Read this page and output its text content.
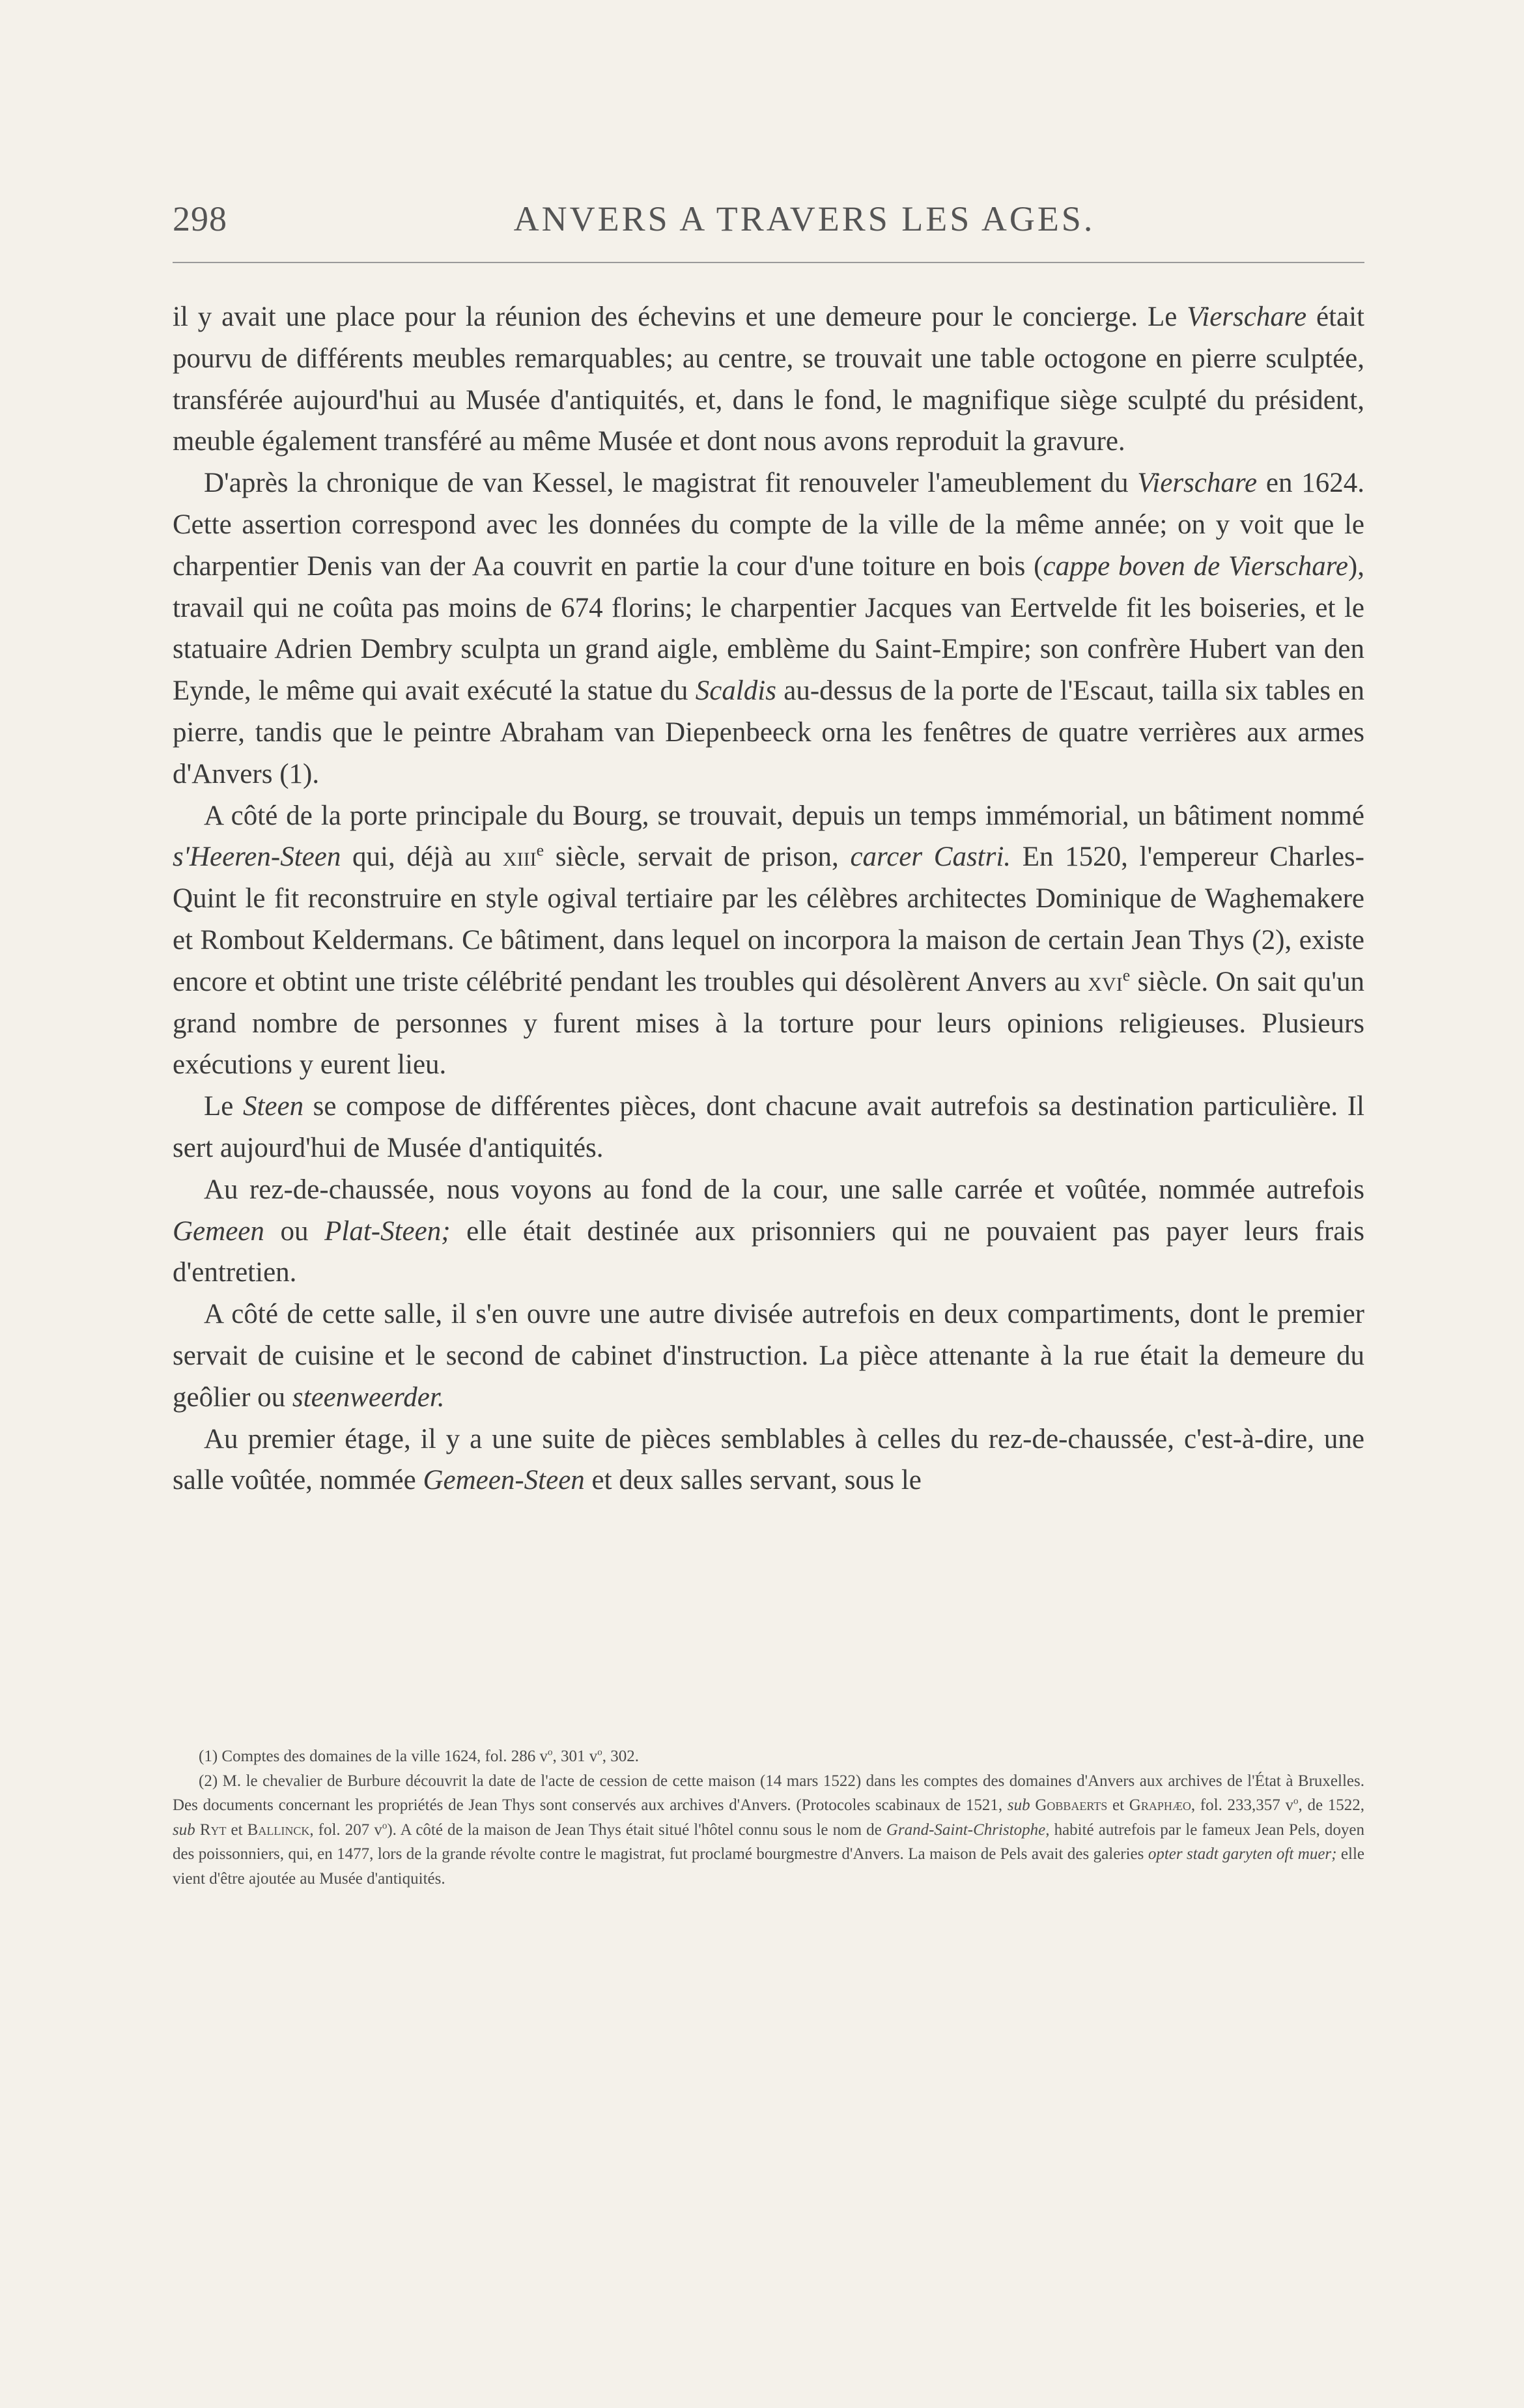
298	ANVERS A TRAVERS LES AGES.

il y avait une place pour la réunion des échevins et une demeure pour le concierge. Le Vierschare était pourvu de différents meubles remarquables; au centre, se trouvait une table octogone en pierre sculptée, transférée aujourd'hui au Musée d'antiquités, et, dans le fond, le magnifique siège sculpté du président, meuble également transféré au même Musée et dont nous avons reproduit la gravure.

D'après la chronique de van Kessel, le magistrat fit renouveler l'ameublement du Vierschare en 1624. Cette assertion correspond avec les données du compte de la ville de la même année; on y voit que le charpentier Denis van der Aa couvrit en partie la cour d'une toiture en bois (cappe boven de Vierschare), travail qui ne coûta pas moins de 674 florins; le charpentier Jacques van Eertvelde fit les boiseries, et le statuaire Adrien Dembry sculpta un grand aigle, emblème du Saint-Empire; son confrère Hubert van den Eynde, le même qui avait exécuté la statue du Scaldis au-dessus de la porte de l'Escaut, tailla six tables en pierre, tandis que le peintre Abraham van Diepenbeeck orna les fenêtres de quatre verrières aux armes d'Anvers (1).

A côté de la porte principale du Bourg, se trouvait, depuis un temps immémorial, un bâtiment nommé s'Heeren-Steen qui, déjà au xiii$^e$ siècle, servait de prison, carcer Castri. En 1520, l'empereur Charles-Quint le fit reconstruire en style ogival tertiaire par les célèbres architectes Dominique de Waghemakere et Rombout Keldermans. Ce bâtiment, dans lequel on incorpora la maison de certain Jean Thys (2), existe encore et obtint une triste célébrité pendant les troubles qui désolèrent Anvers au xvi$^e$ siècle. On sait qu'un grand nombre de personnes y furent mises à la torture pour leurs opinions religieuses. Plusieurs exécutions y eurent lieu.

Le Steen se compose de différentes pièces, dont chacune avait autrefois sa destination particulière. Il sert aujourd'hui de Musée d'antiquités.

Au rez-de-chaussée, nous voyons au fond de la cour, une salle carrée et voûtée, nommée autrefois Gemeen ou Plat-Steen; elle était destinée aux prisonniers qui ne pouvaient pas payer leurs frais d'entretien.

A côté de cette salle, il s'en ouvre une autre divisée autrefois en deux compartiments, dont le premier servait de cuisine et le second de cabinet d'instruction. La pièce attenante à la rue était la demeure du geôlier ou steenweerder.

Au premier étage, il y a une suite de pièces semblables à celles du rez-de-chaussée, c'est-à-dire, une salle voûtée, nommée Gemeen-Steen et deux salles servant, sous le

(1) Comptes des domaines de la ville 1624, fol. 286 $v^o$, 301 $v^o$, 302.

(2) M. le chevalier de Burbure découvrit la date de l'acte de cession de cette maison (14 mars 1522) dans les comptes des domaines d'Anvers aux archives de l'État à Bruxelles. Des documents concernant les propriétés de Jean Thys sont conservés aux archives d'Anvers. (Protocoles scabinaux de 1521, sub Gobbaerts et Graphæo, fol. 233,357 $v^o$, de 1522, sub Ryt et Ballinck, fol. 207 $v^o$). A côté de la maison de Jean Thys était situé l'hôtel connu sous le nom de Grand-Saint-Christophe, habité autrefois par le fameux Jean Pels, doyen des poissonniers, qui, en 1477, lors de la grande révolte contre le magistrat, fut proclamé bourgmestre d'Anvers. La maison de Pels avait des galeries opter stadt garyten oft muer; elle vient d'être ajoutée au Musée d'antiquités.
